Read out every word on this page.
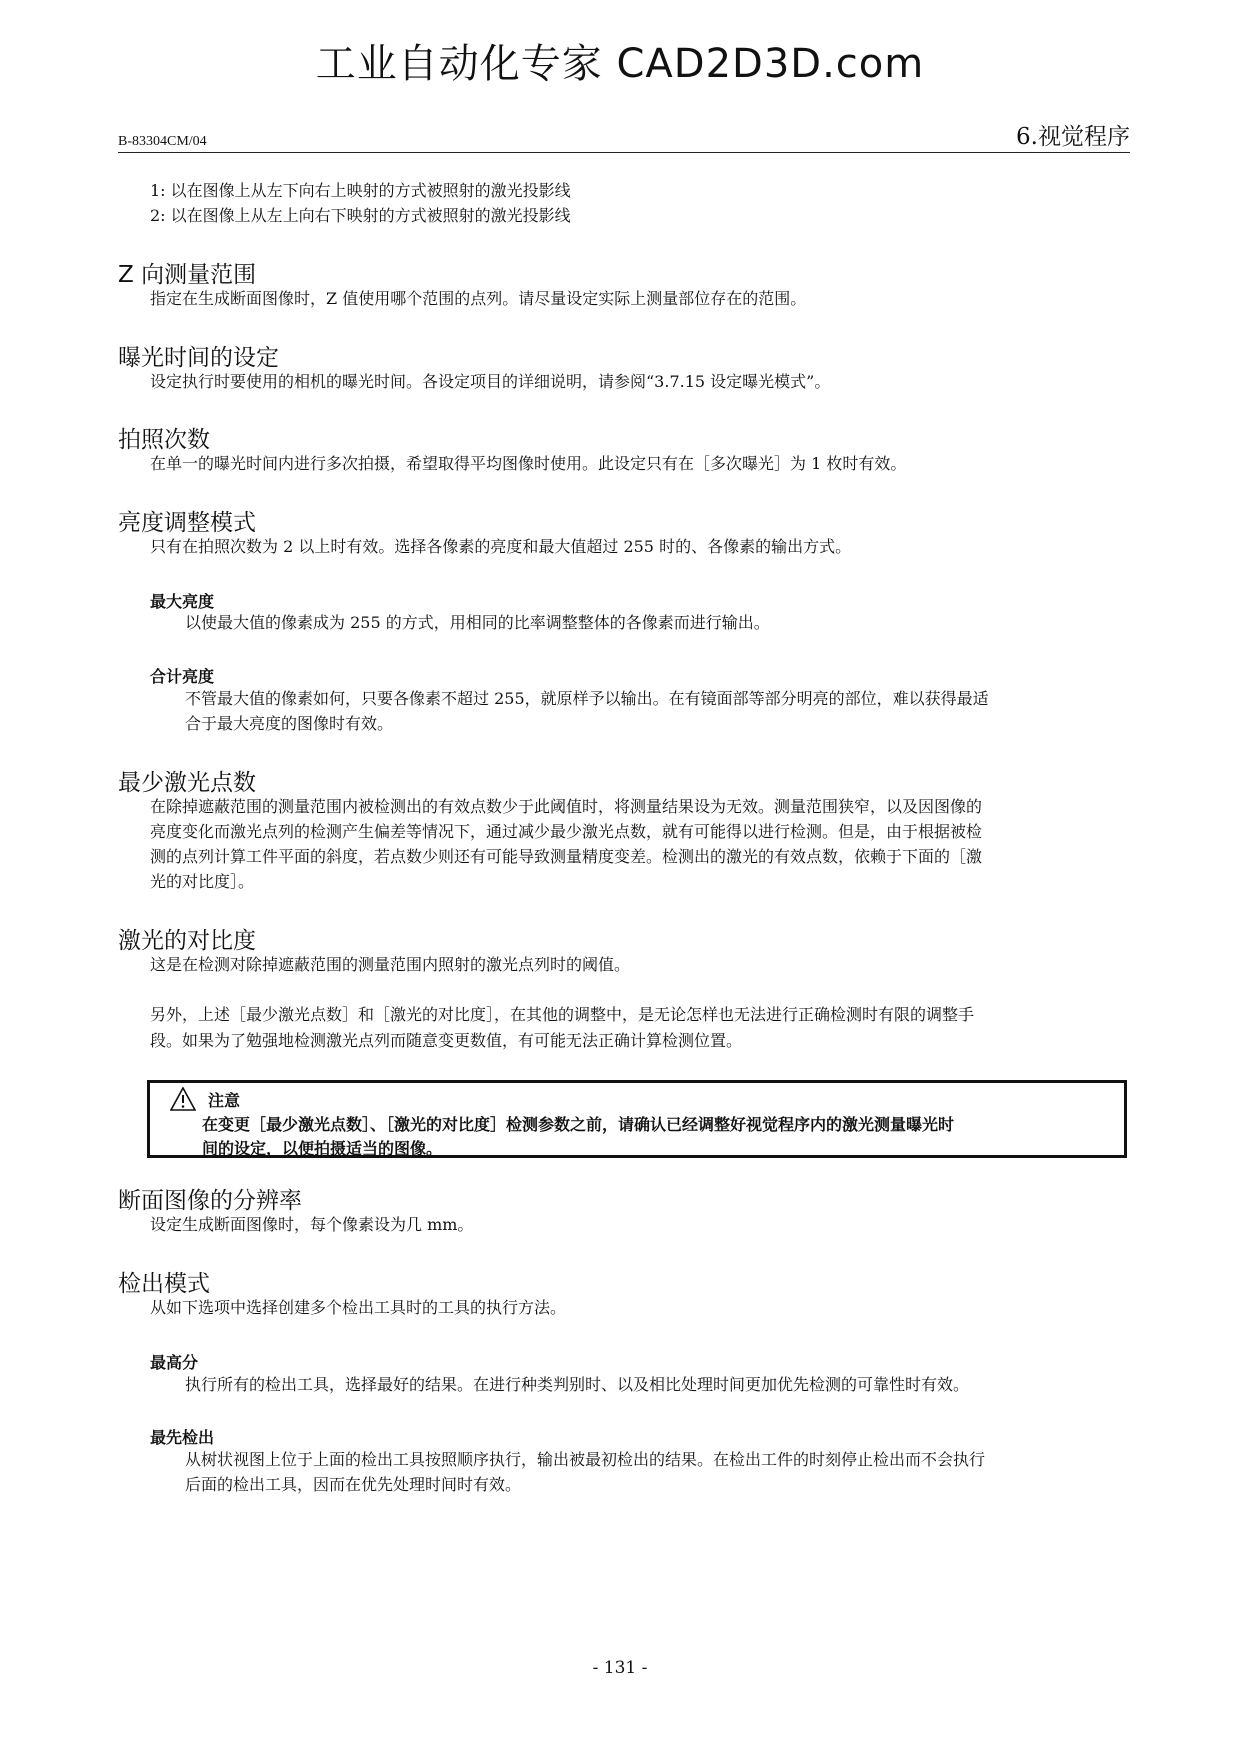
工业自动化专家 CAD2D3D.com
B-83304CM/04	6.视觉程序
1: 以在图像上从左下向右上映射的方式被照射的激光投影线
2: 以在图像上从左上向右下映射的方式被照射的激光投影线
Z 向测量范围
指定在生成断面图像时，Z 值使用哪个范围的点列。请尽量设定实际上测量部位存在的范围。
曝光时间的设定
设定执行时要使用的相机的曝光时间。各设定项目的详细说明，请参阅“3.7.15 设定曝光模式”。
拍照次数
在单一的曝光时间内进行多次拍摄，希望取得平均图像时使用。此设定只有在［多次曝光］为 1 枚时有效。
亮度调整模式
只有在拍照次数为 2 以上时有效。选择各像素的亮度和最大值超过 255 时的、各像素的输出方式。
最大亮度
以使最大值的像素成为 255 的方式，用相同的比率调整整体的各像素而进行输出。
合计亮度
不管最大值的像素如何，只要各像素不超过 255，就原样予以输出。在有镜面部等部分明亮的部位，难以获得最适
合于最大亮度的图像时有效。
最少激光点数
在除掉遮蔽范围的测量范围内被检测出的有效点数少于此阈值时，将测量结果设为无效。测量范围狭窄，以及因图像的
亮度变化而激光点列的检测产生偏差等情况下，通过减少最少激光点数，就有可能得以进行检测。但是，由于根据被检
测的点列计算工件平面的斜度，若点数少则还有可能导致测量精度变差。检测出的激光的有效点数，依赖于下面的［激
光的对比度］。
激光的对比度
这是在检测对除掉遮蔽范围的测量范围内照射的激光点列时的阈值。
另外，上述［最少激光点数］和［激光的对比度］，在其他的调整中，是无论怎样也无法进行正确检测时有限的调整手
段。如果为了勉强地检测激光点列而随意变更数值，有可能无法正确计算检测位置。
注意
在变更［最少激光点数］、［激光的对比度］检测参数之前，请确认已经调整好视觉程序内的激光测量曝光时
间的设定，以便拍摄适当的图像。
断面图像的分辨率
设定生成断面图像时，每个像素设为几 mm。
检出模式
从如下选项中选择创建多个检出工具时的工具的执行方法。
最高分
执行所有的检出工具，选择最好的结果。在进行种类判别时、以及相比处理时间更加优先检测的可靠性时有效。
最先检出
从树状视图上位于上面的检出工具按照顺序执行，输出被最初检出的结果。在检出工件的时刻停止检出而不会执行
后面的检出工具，因而在优先处理时间时有效。
- 131 -
